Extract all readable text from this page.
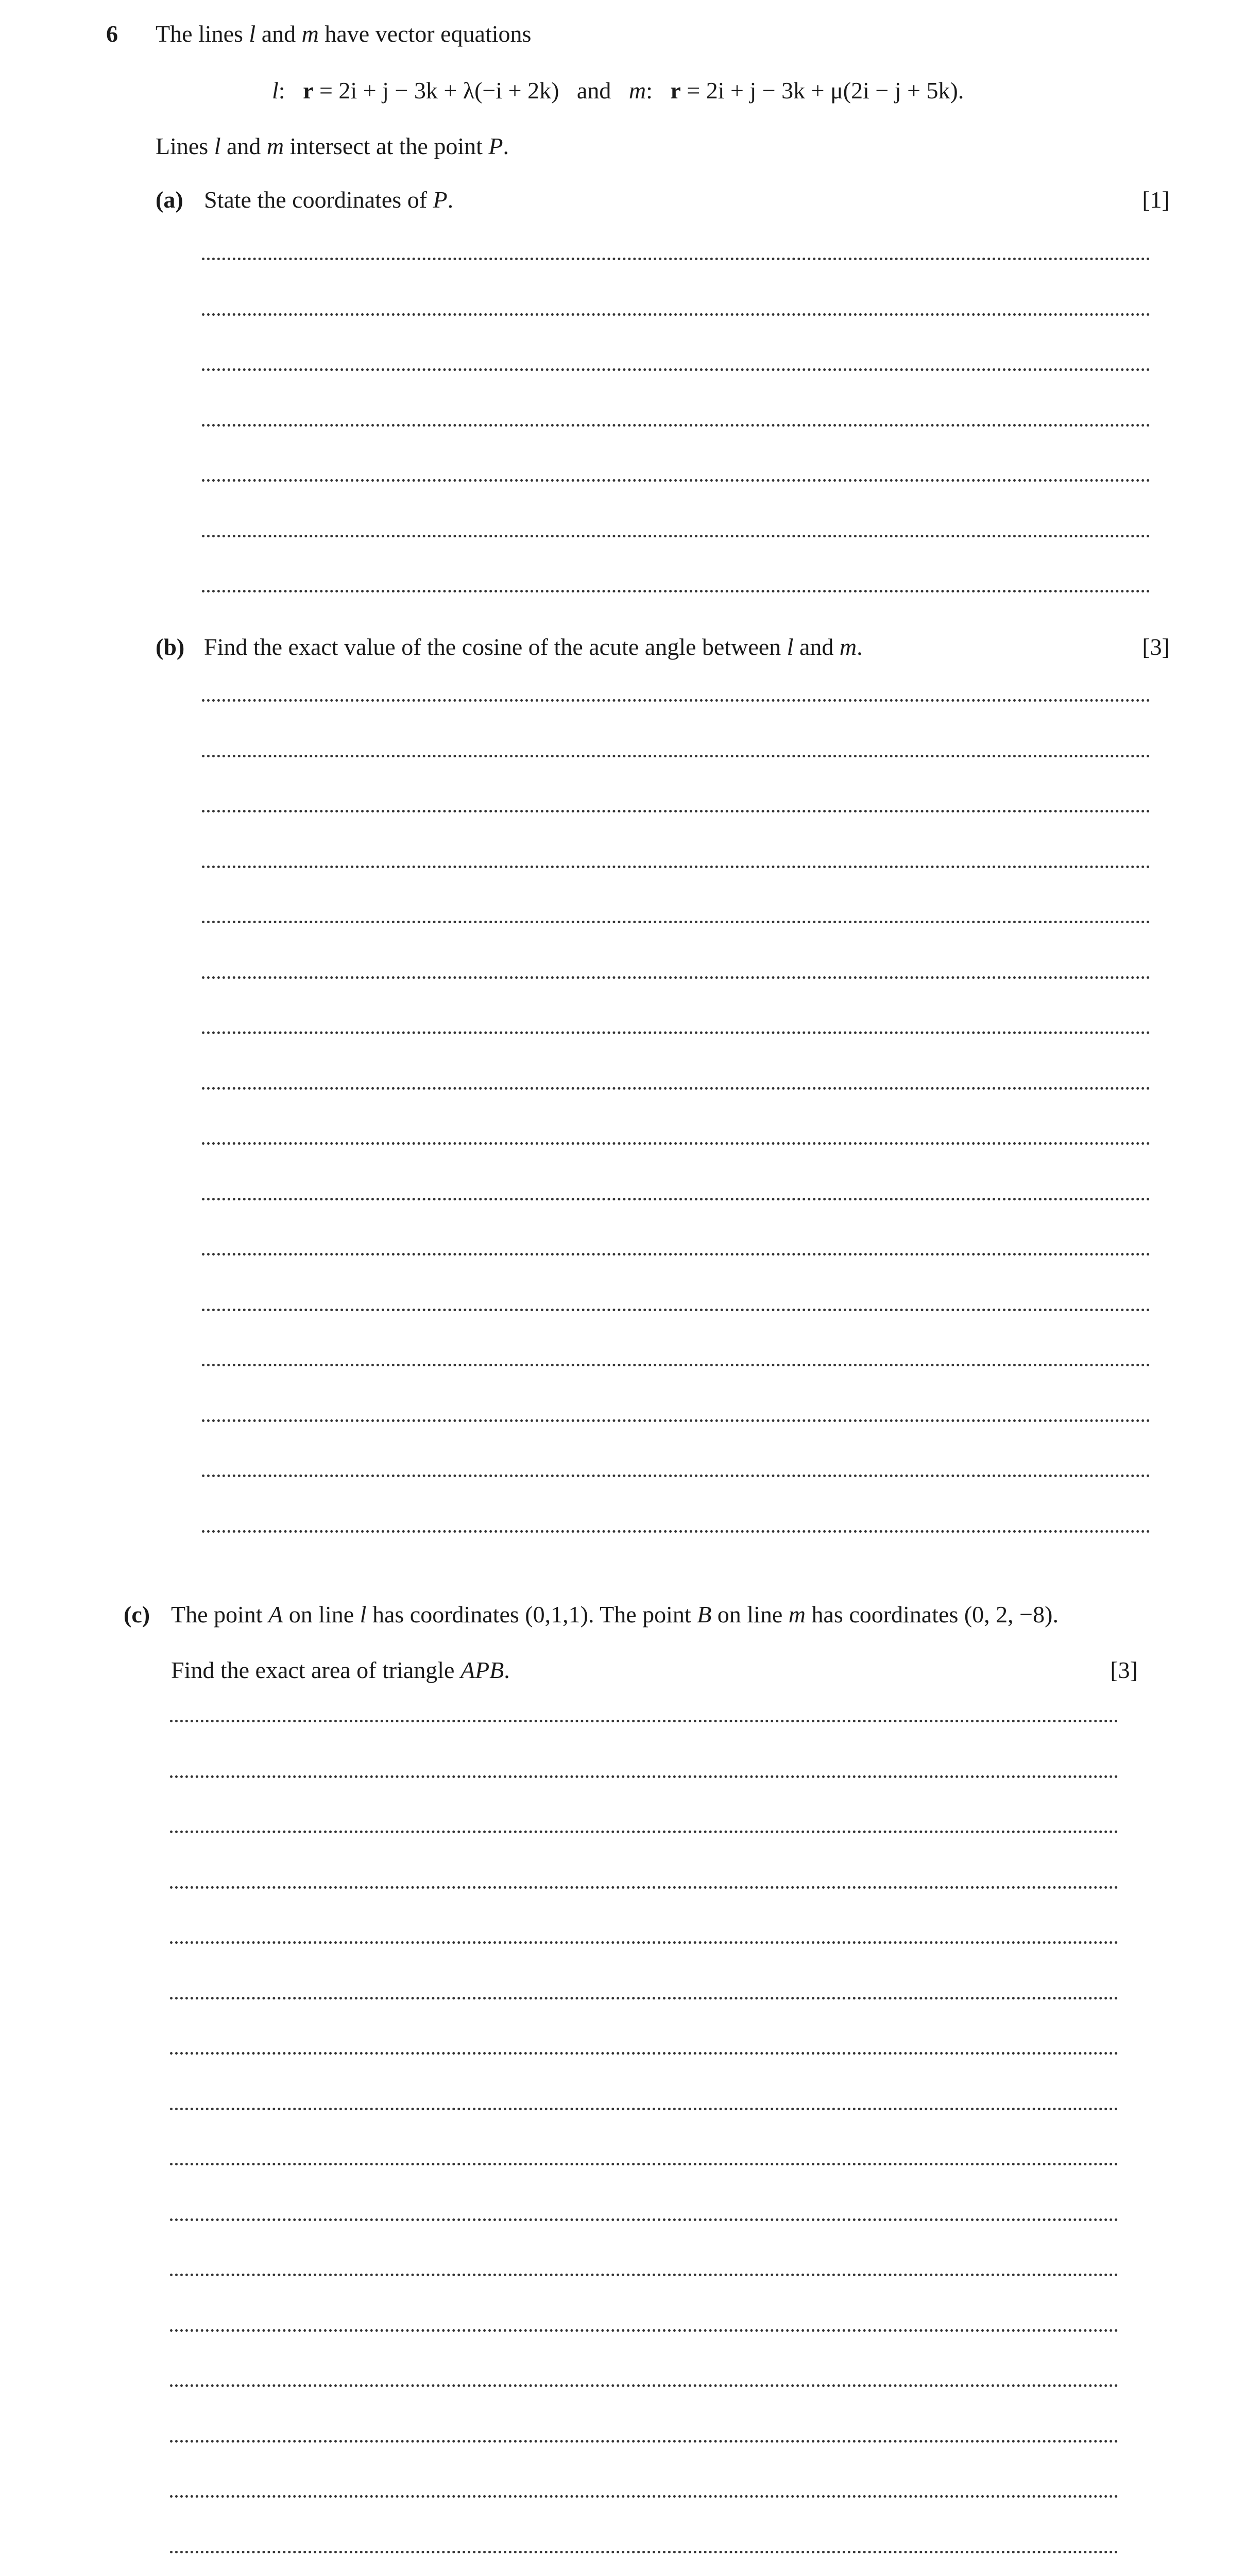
6 The lines l and m have vector equations
l: r = 2i + j − 3k + λ(−i + 2k) and m: r = 2i + j − 3k + μ(2i − j + 5k).
Lines l and m intersect at the point P.
(a) State the coordinates of P.	[1]
(b) Find the exact value of the cosine of the acute angle between l and m.	[3]
(c) The point A on line l has coordinates (0,1,1). The point B on line m has coordinates (0, 2, −8).
Find the exact area of triangle APB.	[3]
